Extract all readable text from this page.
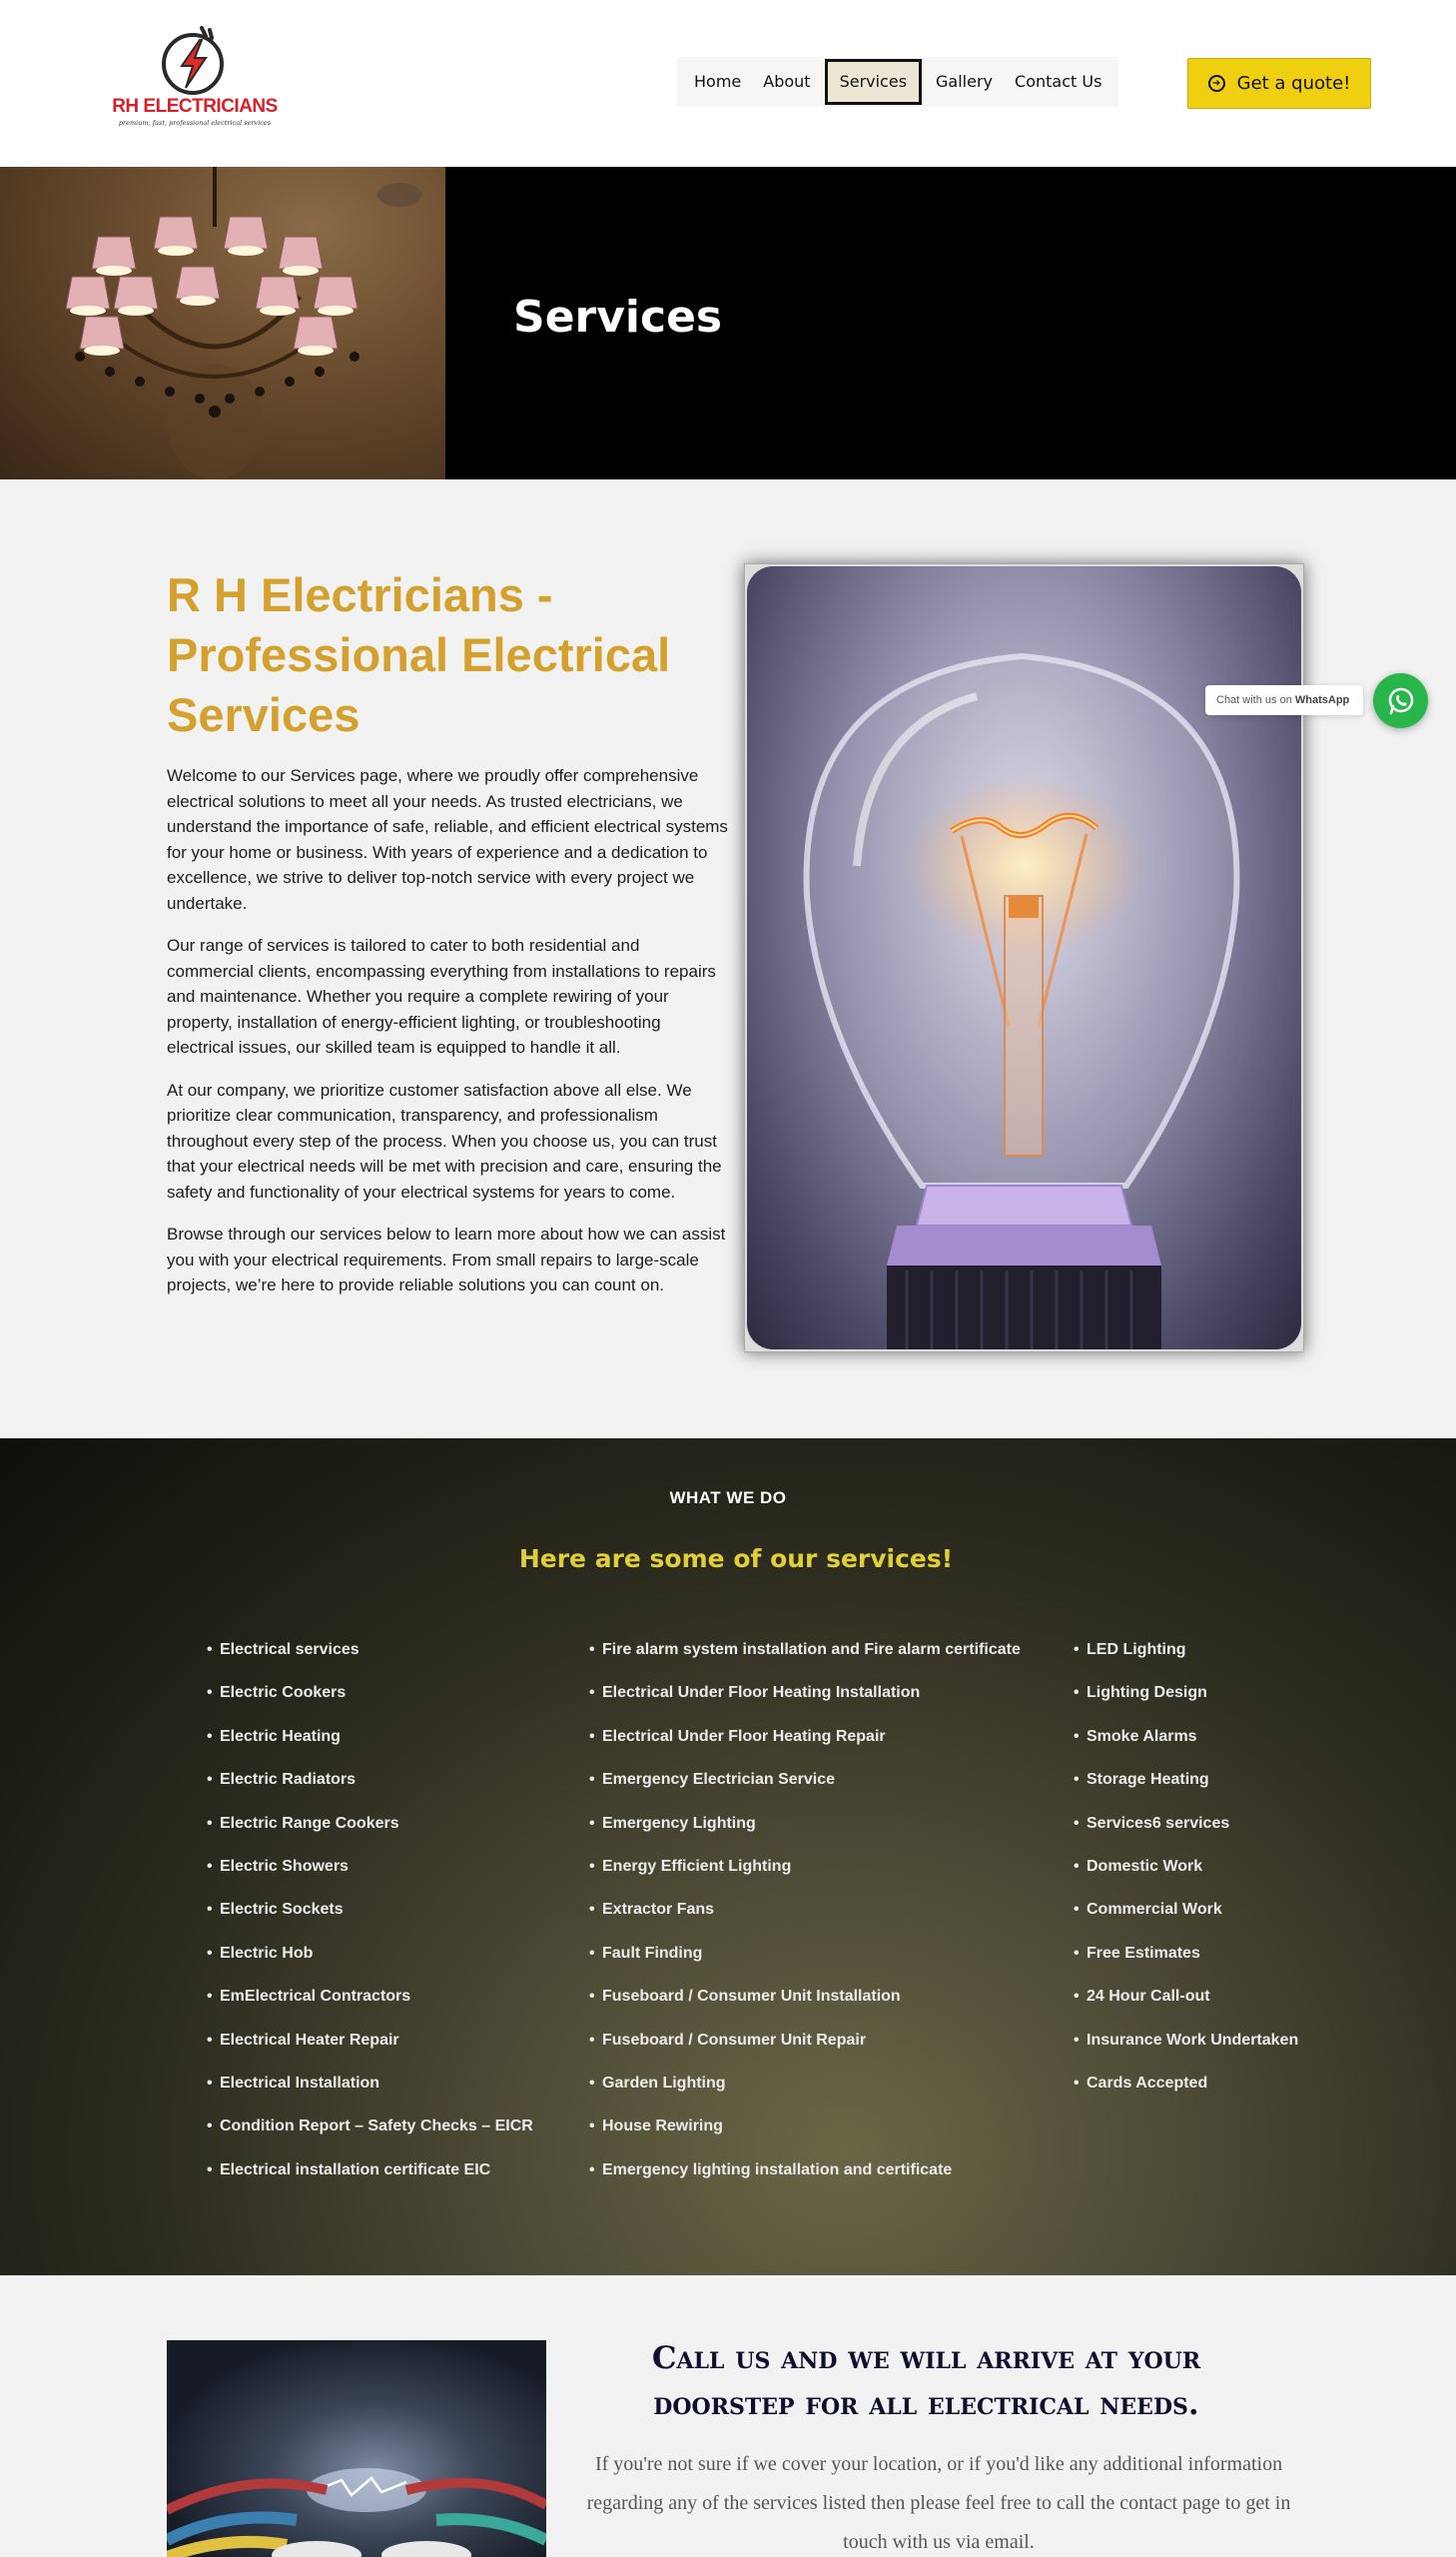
RH ELECTRICIANS
premium, fast, professional electrical services
Home	About	Services	Gallery	Contact Us	➜ Get a quote!
Services
R H Electricians - Professional Electrical Services

Welcome to our Services page, where we proudly offer comprehensive electrical solutions to meet all your needs. As trusted electricians, we understand the importance of safe, reliable, and efficient electrical systems for your home or business. With years of experience and a dedication to excellence, we strive to deliver top-notch service with every project we undertake.

Our range of services is tailored to cater to both residential and commercial clients, encompassing everything from installations to repairs and maintenance. Whether you require a complete rewiring of your property, installation of energy-efficient lighting, or troubleshooting electrical issues, our skilled team is equipped to handle it all.

At our company, we prioritize customer satisfaction above all else. We prioritize clear communication, transparency, and professionalism throughout every step of the process. When you choose us, you can trust that your electrical needs will be met with precision and care, ensuring the safety and functionality of your electrical systems for years to come.

Browse through our services below to learn more about how we can assist you with your electrical requirements. From small repairs to large-scale projects, we’re here to provide reliable solutions you can count on.

Chat with us on WhatsApp
WHAT WE DO
Here are some of our services!
• Electrical services
• Electric Cookers
• Electric Heating
• Electric Radiators
• Electric Range Cookers
• Electric Showers
• Electric Sockets
• Electric Hob
• EmElectrical Contractors
• Electrical Heater Repair
• Electrical Installation
• Condition Report – Safety Checks – EICR
• Electrical installation certificate EIC
• Fire alarm system installation and Fire alarm certificate
• Electrical Under Floor Heating Installation
• Electrical Under Floor Heating Repair
• Emergency Electrician Service
• Emergency Lighting
• Energy Efficient Lighting
• Extractor Fans
• Fault Finding
• Fuseboard / Consumer Unit Installation
• Fuseboard / Consumer Unit Repair
• Garden Lighting
• House Rewiring
• Emergency lighting installation and certificate
• LED Lighting
• Lighting Design
• Smoke Alarms
• Storage Heating
• Services6 services
• Domestic Work
• Commercial Work
• Free Estimates
• 24 Hour Call-out
• Insurance Work Undertaken
• Cards Accepted
Call us and we will arrive at your doorstep for all electrical needs.

If you're not sure if we cover your location, or if you'd like any additional information regarding any of the services listed then please feel free to call the contact page to get in touch with us via email.
